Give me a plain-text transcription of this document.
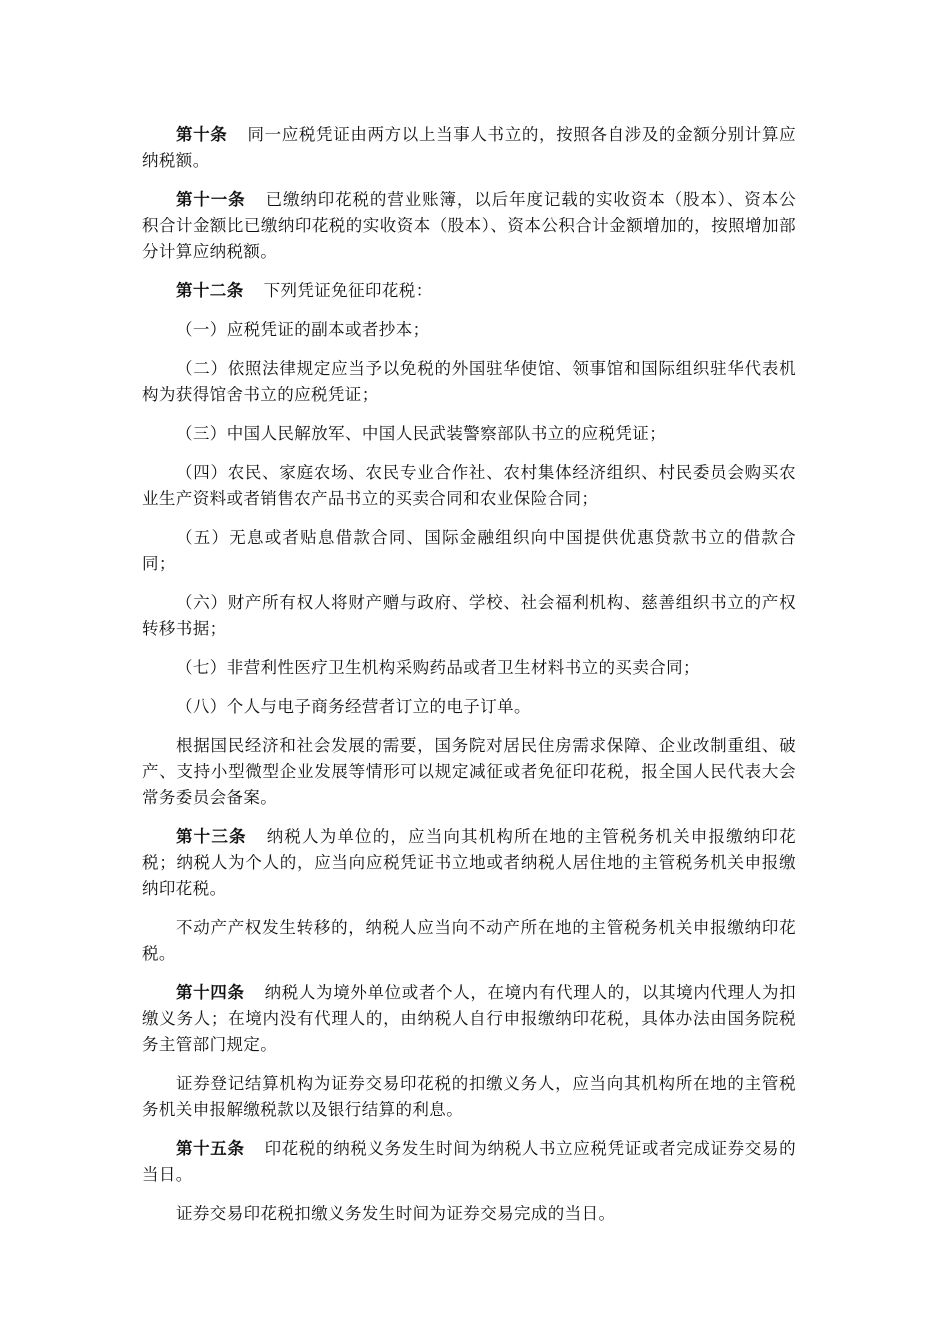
第十条 同一应税凭证由两方以上当事人书立的，按照各自涉及的金额分别计算应纳税额。

第十一条 已缴纳印花税的营业账簿，以后年度记载的实收资本（股本）、资本公积合计金额比已缴纳印花税的实收资本（股本）、资本公积合计金额增加的，按照增加部分计算应纳税额。

第十二条 下列凭证免征印花税：

（一）应税凭证的副本或者抄本；

（二）依照法律规定应当予以免税的外国驻华使馆、领事馆和国际组织驻华代表机构为获得馆舍书立的应税凭证；

（三）中国人民解放军、中国人民武装警察部队书立的应税凭证；

（四）农民、家庭农场、农民专业合作社、农村集体经济组织、村民委员会购买农业生产资料或者销售农产品书立的买卖合同和农业保险合同；

（五）无息或者贴息借款合同、国际金融组织向中国提供优惠贷款书立的借款合同；

（六）财产所有权人将财产赠与政府、学校、社会福利机构、慈善组织书立的产权转移书据；

（七）非营利性医疗卫生机构采购药品或者卫生材料书立的买卖合同；

（八）个人与电子商务经营者订立的电子订单。

根据国民经济和社会发展的需要，国务院对居民住房需求保障、企业改制重组、破产、支持小型微型企业发展等情形可以规定减征或者免征印花税，报全国人民代表大会常务委员会备案。

第十三条 纳税人为单位的，应当向其机构所在地的主管税务机关申报缴纳印花税；纳税人为个人的，应当向应税凭证书立地或者纳税人居住地的主管税务机关申报缴纳印花税。

不动产产权发生转移的，纳税人应当向不动产所在地的主管税务机关申报缴纳印花税。

第十四条 纳税人为境外单位或者个人，在境内有代理人的，以其境内代理人为扣缴义务人；在境内没有代理人的，由纳税人自行申报缴纳印花税，具体办法由国务院税务主管部门规定。

证券登记结算机构为证券交易印花税的扣缴义务人，应当向其机构所在地的主管税务机关申报解缴税款以及银行结算的利息。

第十五条 印花税的纳税义务发生时间为纳税人书立应税凭证或者完成证券交易的当日。

证券交易印花税扣缴义务发生时间为证券交易完成的当日。
